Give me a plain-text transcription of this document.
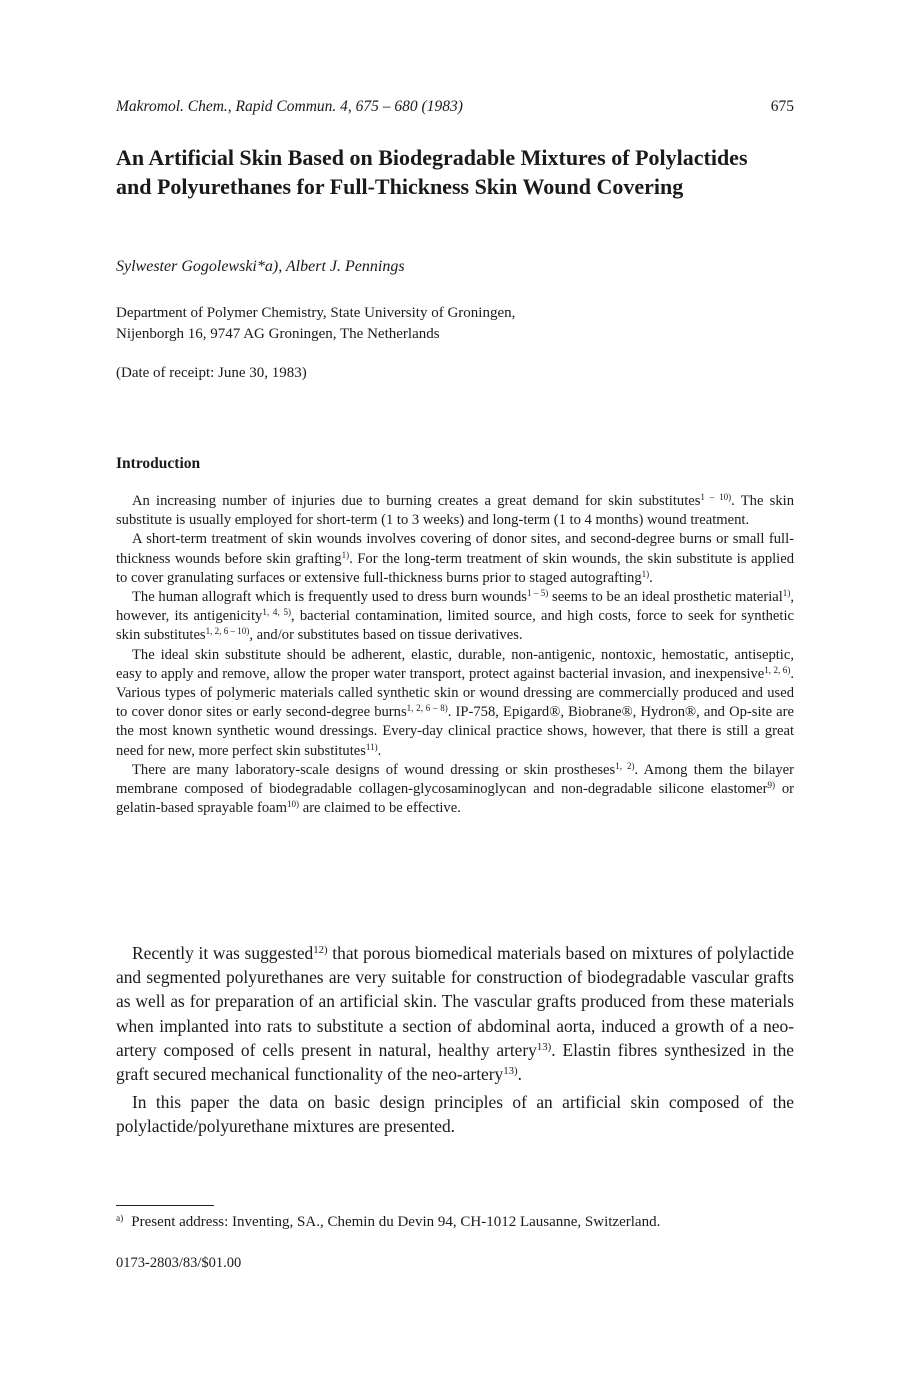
Makromol. Chem., Rapid Commun. 4, 675 – 680 (1983)	675
An Artificial Skin Based on Biodegradable Mixtures of Polylactides and Polyurethanes for Full-Thickness Skin Wound Covering
Sylwester Gogolewski*a), Albert J. Pennings
Department of Polymer Chemistry, State University of Groningen,
Nijenborgh 16, 9747 AG Groningen, The Netherlands
(Date of receipt: June 30, 1983)
Introduction

An increasing number of injuries due to burning creates a great demand for skin substitutes$^{1 - 10)}$. The skin substitute is usually employed for short-term (1 to 3 weeks) and long-term (1 to 4 months) wound treatment.

A short-term treatment of skin wounds involves covering of donor sites, and second-degree burns or small full-thickness wounds before skin grafting$^{1)}$. For the long-term treatment of skin wounds, the skin substitute is applied to cover granulating surfaces or extensive full-thickness burns prior to staged autografting$^{1)}$.

The human allograft which is frequently used to dress burn wounds$^{1 - 5)}$ seems to be an ideal prosthetic material$^{1)}$, however, its antigenicity$^{1, 4, 5)}$, bacterial contamination, limited source, and high costs, force to seek for synthetic skin substitutes$^{1, 2, 6 - 10)}$, and/or substitutes based on tissue derivatives.

The ideal skin substitute should be adherent, elastic, durable, non-antigenic, nontoxic, hemostatic, antiseptic, easy to apply and remove, allow the proper water transport, protect against bacterial invasion, and inexpensive$^{1, 2, 6)}$. Various types of polymeric materials called synthetic skin or wound dressing are commercially produced and used to cover donor sites or early second-degree burns$^{1, 2, 6 - 8)}$. IP-758, Epigard®, Biobrane®, Hydron®, and Op-site are the most known synthetic wound dressings. Every-day clinical practice shows, however, that there is still a great need for new, more perfect skin substitutes$^{11)}$.

There are many laboratory-scale designs of wound dressing or skin prostheses$^{1, 2)}$. Among them the bilayer membrane composed of biodegradable collagen-glycosaminoglycan and non-degradable silicone elastomer$^{9)}$ or gelatin-based sprayable foam$^{10)}$ are claimed to be effective.

Recently it was suggested$^{12)}$ that porous biomedical materials based on mixtures of polylactide and segmented polyurethanes are very suitable for construction of biodegradable vascular grafts as well as for preparation of an artificial skin. The vascular grafts produced from these materials when implanted into rats to substitute a section of abdominal aorta, induced a growth of a neo-artery composed of cells present in natural, healthy artery$^{13)}$. Elastin fibres synthesized in the graft secured mechanical functionality of the neo-artery$^{13)}$.

In this paper the data on basic design principles of an artificial skin composed of the polylactide/polyurethane mixtures are presented.

$^{a)}$ Present address: Inventing, SA., Chemin du Devin 94, CH-1012 Lausanne, Switzerland.
0173-2803/83/$01.00
